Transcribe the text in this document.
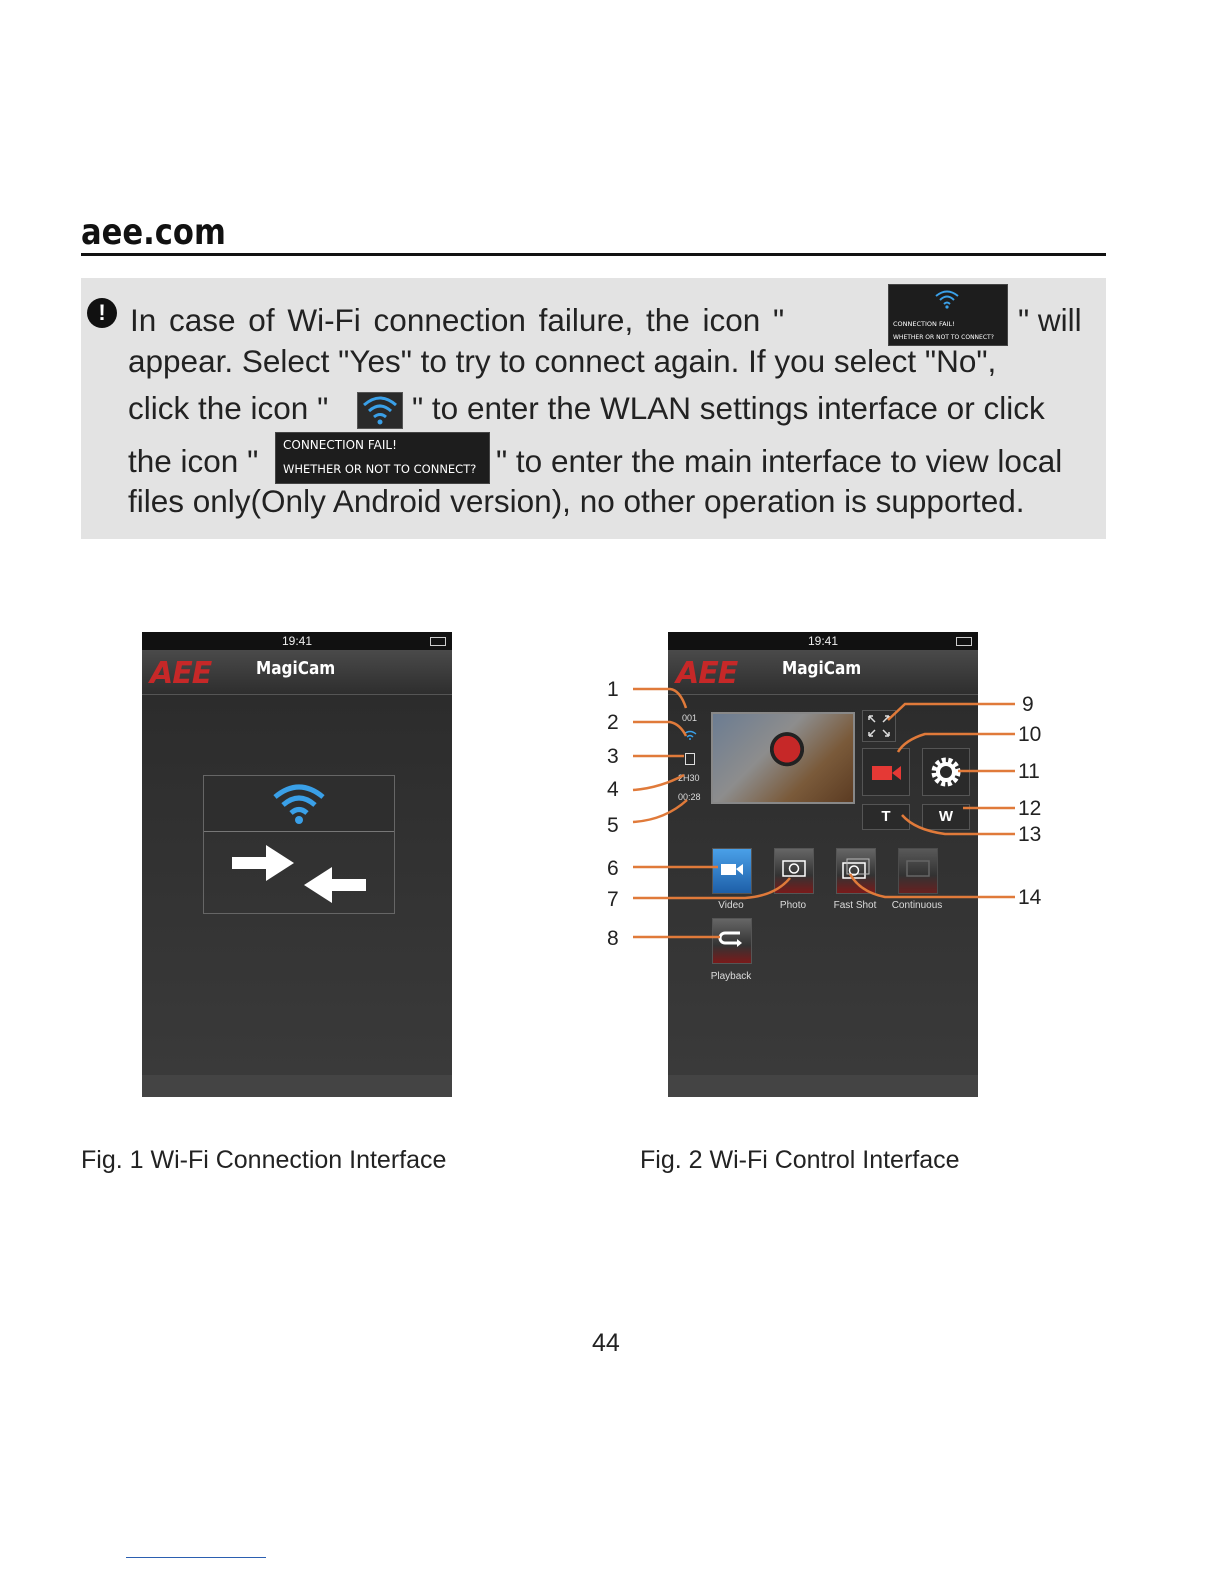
aee.com
! In case of Wi-Fi connection failure, the icon "	CONNECTION FAIL!
WHETHER OR NOT TO CONNECT? " will
appear. Select "Yes" to try to connect again. If you select "No",
click the icon "	" to enter the WLAN settings interface or click
the icon " CONNECTION FAIL!
WHETHER OR NOT TO CONNECT? " to enter the main interface to view local
files only(Only Android version), no other operation is supported.
19:41
AEE MagiCam
19:41
AEE MagiCam
001
2H30
00:28
T	W
Video	Photo	Fast Shot	Continuous
Playback
1
2
3
4
5
6
7
8
9
10
11
12
13
14
Fig. 1 Wi-Fi Connection Interface	Fig. 2 Wi-Fi Control Interface
44
